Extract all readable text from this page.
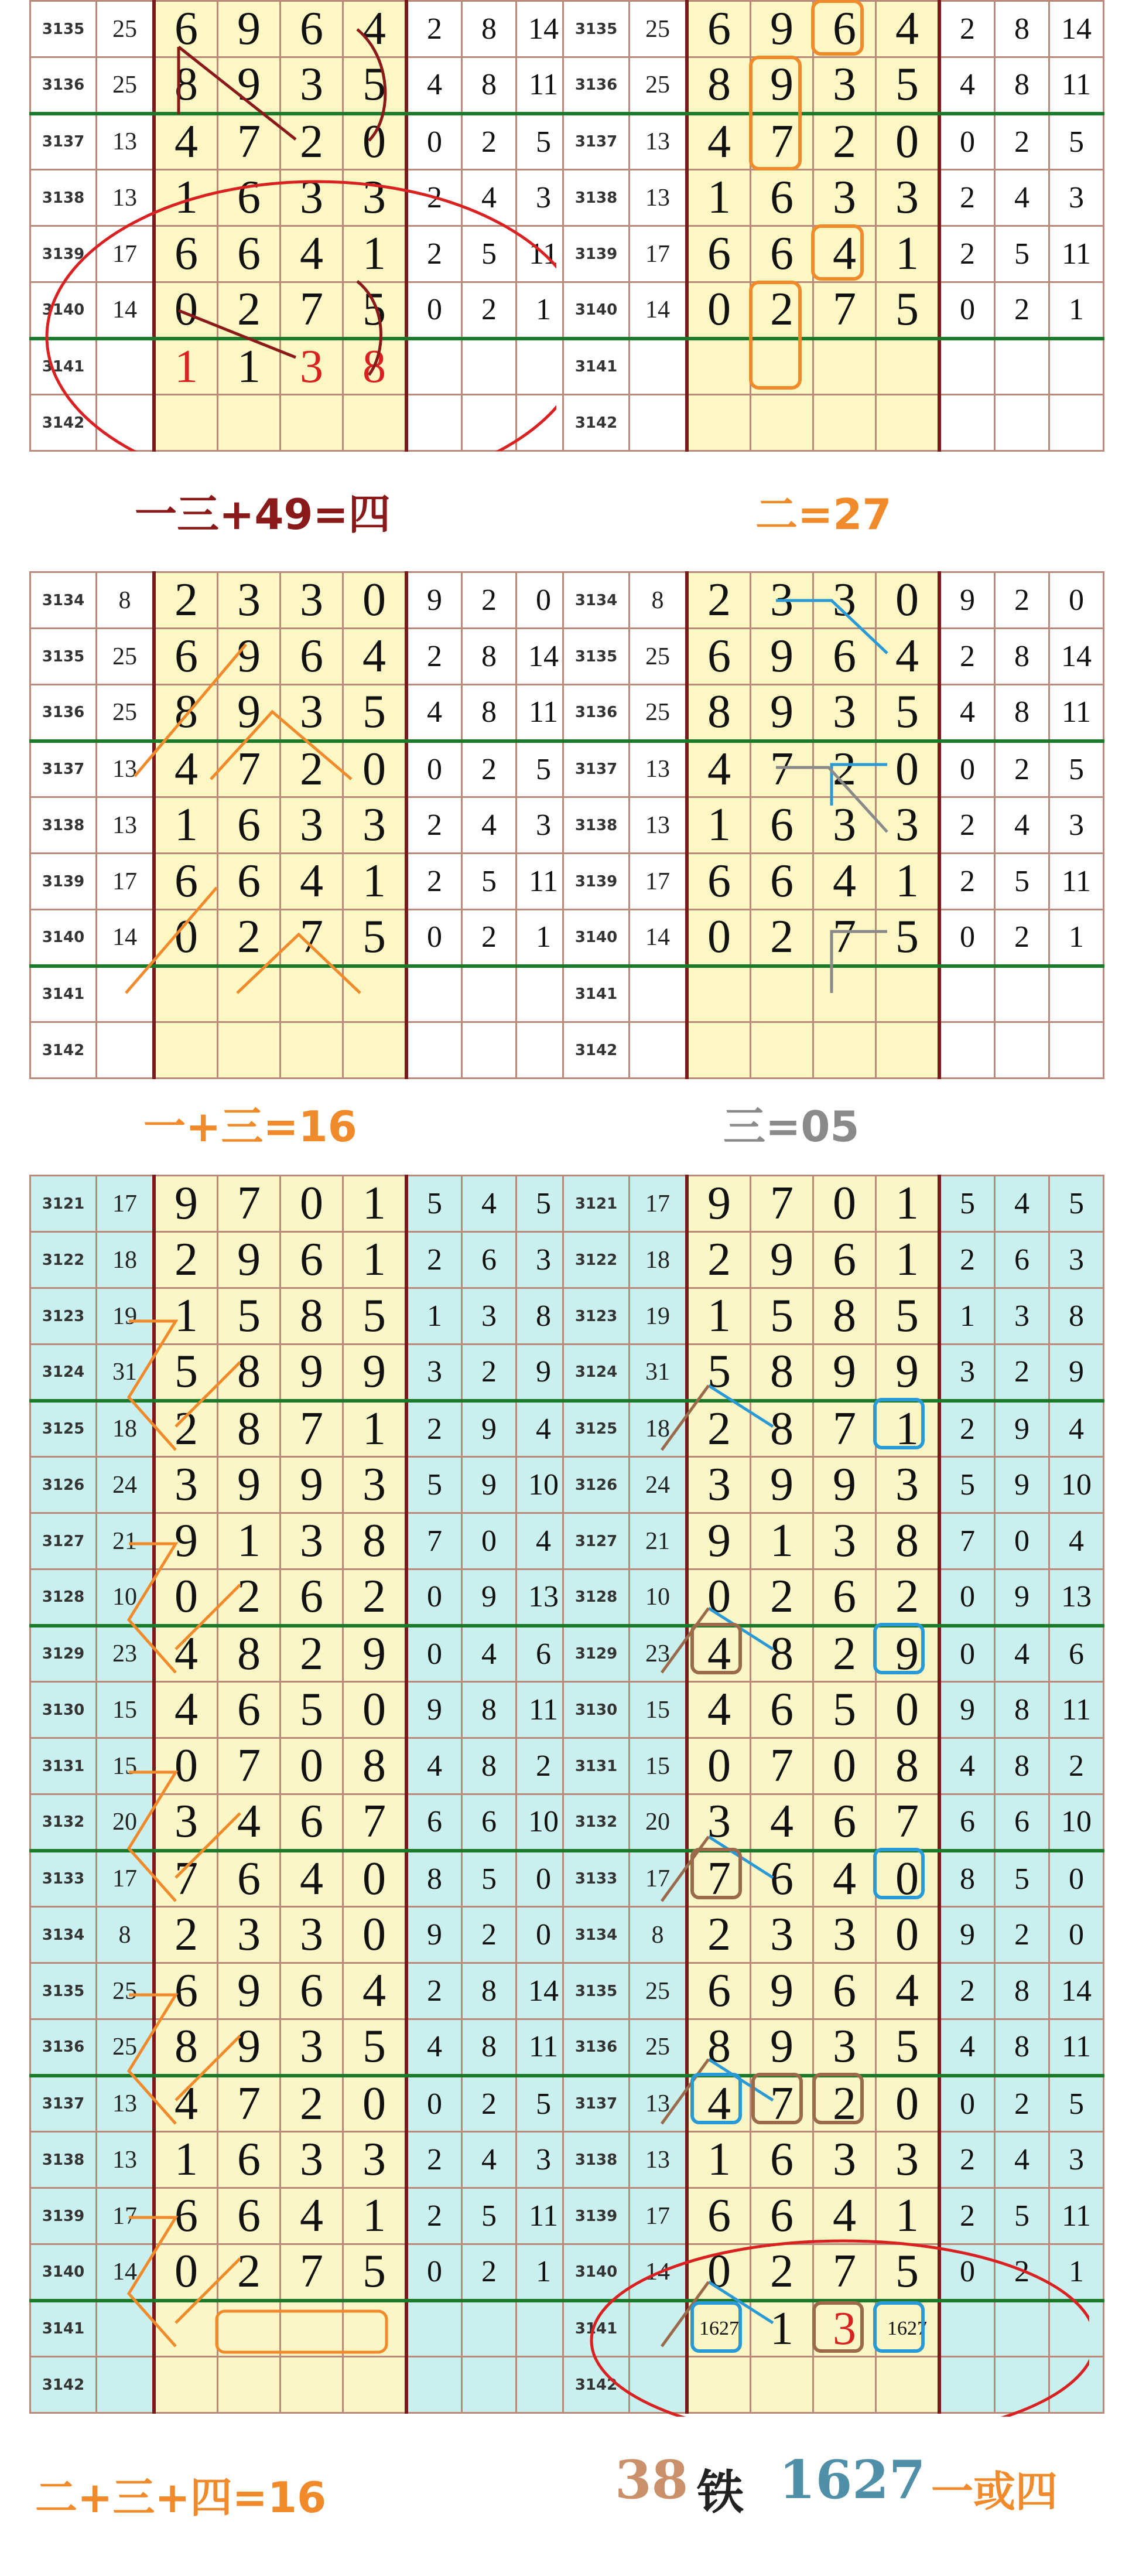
3135	25	6	9	6	4	2	8	14
3136	25	8	9	3	5	4	8	11
3137	13	4	7	2	0	0	2	5
3138	13	1	6	3	3	2	4	3
3139	17	6	6	4	1	2	5	11
3140	14	0	2	7	5	0	2	1
3141		1	1	3	8			
3142								
一三+49=四
3135	25	6	9	6	4	2	8	14
3136	25	8	9	3	5	4	8	11
3137	13	4	7	2	0	0	2	5
3138	13	1	6	3	3	2	4	3
3139	17	6	6	4	1	2	5	11
3140	14	0	2	7	5	0	2	1
3141								
3142								
二=27
3134	8	2	3	3	0	9	2	0
3135	25	6	9	6	4	2	8	14
3136	25	8	9	3	5	4	8	11
3137	13	4	7	2	0	0	2	5
3138	13	1	6	3	3	2	4	3
3139	17	6	6	4	1	2	5	11
3140	14	0	2	7	5	0	2	1
3141								
3142								
一+三=16
3134	8	2	3	3	0	9	2	0
3135	25	6	9	6	4	2	8	14
3136	25	8	9	3	5	4	8	11
3137	13	4	7	2	0	0	2	5
3138	13	1	6	3	3	2	4	3
3139	17	6	6	4	1	2	5	11
3140	14	0	2	7	5	0	2	1
3141								
3142								
三=05
3121	17	9	7	0	1	5	4	5
3122	18	2	9	6	1	2	6	3
3123	19	1	5	8	5	1	3	8
3124	31	5	8	9	9	3	2	9
3125	18	2	8	7	1	2	9	4
3126	24	3	9	9	3	5	9	10
3127	21	9	1	3	8	7	0	4
3128	10	0	2	6	2	0	9	13
3129	23	4	8	2	9	0	4	6
3130	15	4	6	5	0	9	8	11
3131	15	0	7	0	8	4	8	2
3132	20	3	4	6	7	6	6	10
3133	17	7	6	4	0	8	5	0
3134	8	2	3	3	0	9	2	0
3135	25	6	9	6	4	2	8	14
3136	25	8	9	3	5	4	8	11
3137	13	4	7	2	0	0	2	5
3138	13	1	6	3	3	2	4	3
3139	17	6	6	4	1	2	5	11
3140	14	0	2	7	5	0	2	1
3141								
3142								
二+三+四=16
3121	17	9	7	0	1	5	4	5
3122	18	2	9	6	1	2	6	3
3123	19	1	5	8	5	1	3	8
3124	31	5	8	9	9	3	2	9
3125	18	2	8	7	1	2	9	4
3126	24	3	9	9	3	5	9	10
3127	21	9	1	3	8	7	0	4
3128	10	0	2	6	2	0	9	13
3129	23	4	8	2	9	0	4	6
3130	15	4	6	5	0	9	8	11
3131	15	0	7	0	8	4	8	2
3132	20	3	4	6	7	6	6	10
3133	17	7	6	4	0	8	5	0
3134	8	2	3	3	0	9	2	0
3135	25	6	9	6	4	2	8	14
3136	25	8	9	3	5	4	8	11
3137	13	4	7	2	0	0	2	5
3138	13	1	6	3	3	2	4	3
3139	17	6	6	4	1	2	5	11
3140	14	0	2	7	5	0	2	1
3141		1627	1	3	1627			
3142								
38 铁 1627 一或四
